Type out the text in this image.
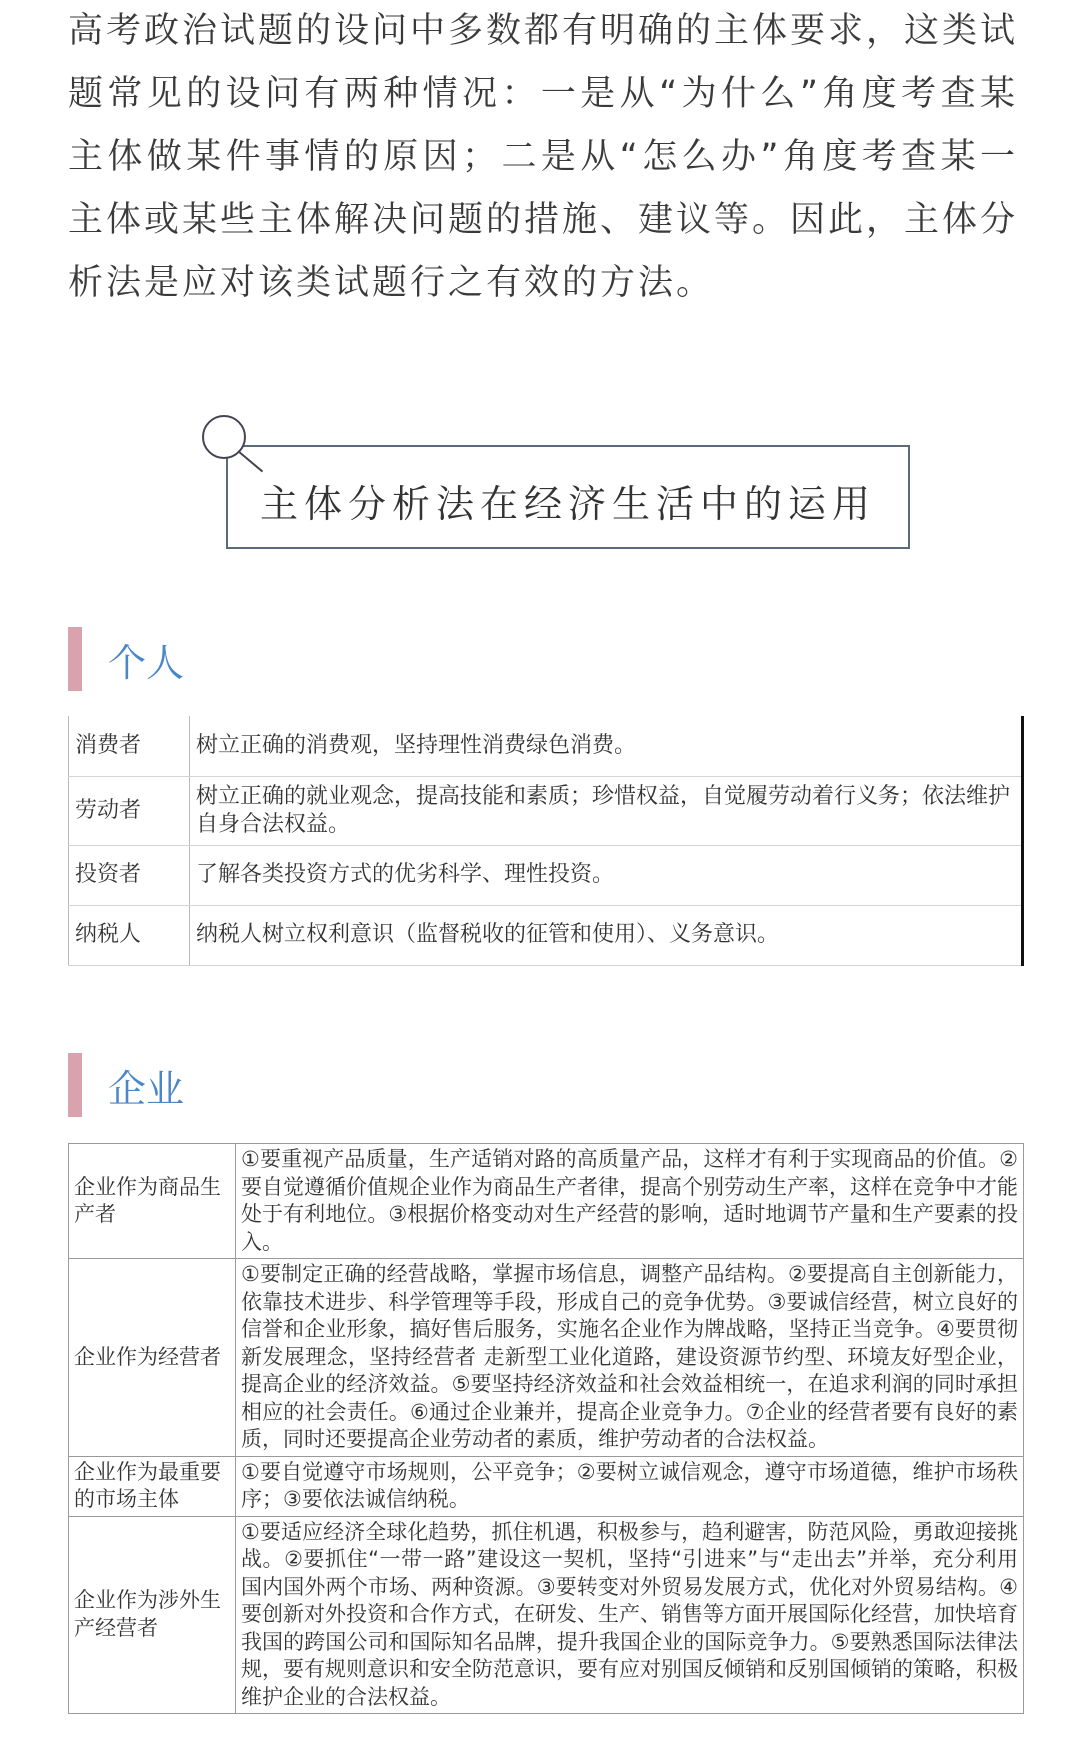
高考政治试题的设问中多数都有明确的主体要求，这类试题常见的设问有两种情况：一是从“为什么”角度考查某主体做某件事情的原因；二是从“怎么办”角度考查某一主体或某些主体解决问题的措施、建议等。因此，主体分析法是应对该类试题行之有效的方法。

主体分析法在经济生活中的运用
个人
消费者	树立正确的消费观，坚持理性消费绿色消费。
劳动者	树立正确的就业观念，提高技能和素质；珍惜权益，自觉履劳动着行义务；依法维护自身合法权益。
投资者	了解各类投资方式的优劣科学、理性投资。
纳税人	纳税人树立权利意识（监督税收的征管和使用）、义务意识。
企业
企业作为商品生产者	①要重视产品质量，生产适销对路的高质量产品，这样才有利于实现商品的价值。②要自觉遵循价值规企业作为商品生产者律，提高个别劳动生产率，这样在竞争中才能处于有利地位。③根据价格变动对生产经营的影响，适时地调节产量和生产要素的投入。
企业作为经营者	①要制定正确的经营战略，掌握市场信息，调整产品结构。②要提高自主创新能力，依靠技术进步、科学管理等手段，形成自己的竞争优势。③要诚信经营，树立良好的信誉和企业形象，搞好售后服务，实施名企业作为牌战略，坚持正当竞争。④要贯彻新发展理念，坚持经营者 走新型工业化道路，建设资源节约型、环境友好型企业，提高企业的经济效益。⑤要坚持经济效益和社会效益相统一，在追求利润的同时承担相应的社会责任。⑥通过企业兼并，提高企业竞争力。⑦企业的经营者要有良好的素质，同时还要提高企业劳动者的素质，维护劳动者的合法权益。
企业作为最重要的市场主体	①要自觉遵守市场规则，公平竞争；②要树立诚信观念，遵守市场道德，维护市场秩序；③要依法诚信纳税。
企业作为涉外生产经营者	①要适应经济全球化趋势，抓住机遇，积极参与，趋利避害，防范风险，勇敢迎接挑战。②要抓住“一带一路”建设这一契机，坚持“引进来”与“走出去”并举，充分利用国内国外两个市场、两种资源。③要转变对外贸易发展方式，优化对外贸易结构。④要创新对外投资和合作方式，在研发、生产、销售等方面开展国际化经营，加快培育我国的跨国公司和国际知名品牌，提升我国企业的国际竞争力。⑤要熟悉国际法律法规，要有规则意识和安全防范意识，要有应对别国反倾销和反别国倾销的策略，积极维护企业的合法权益。
